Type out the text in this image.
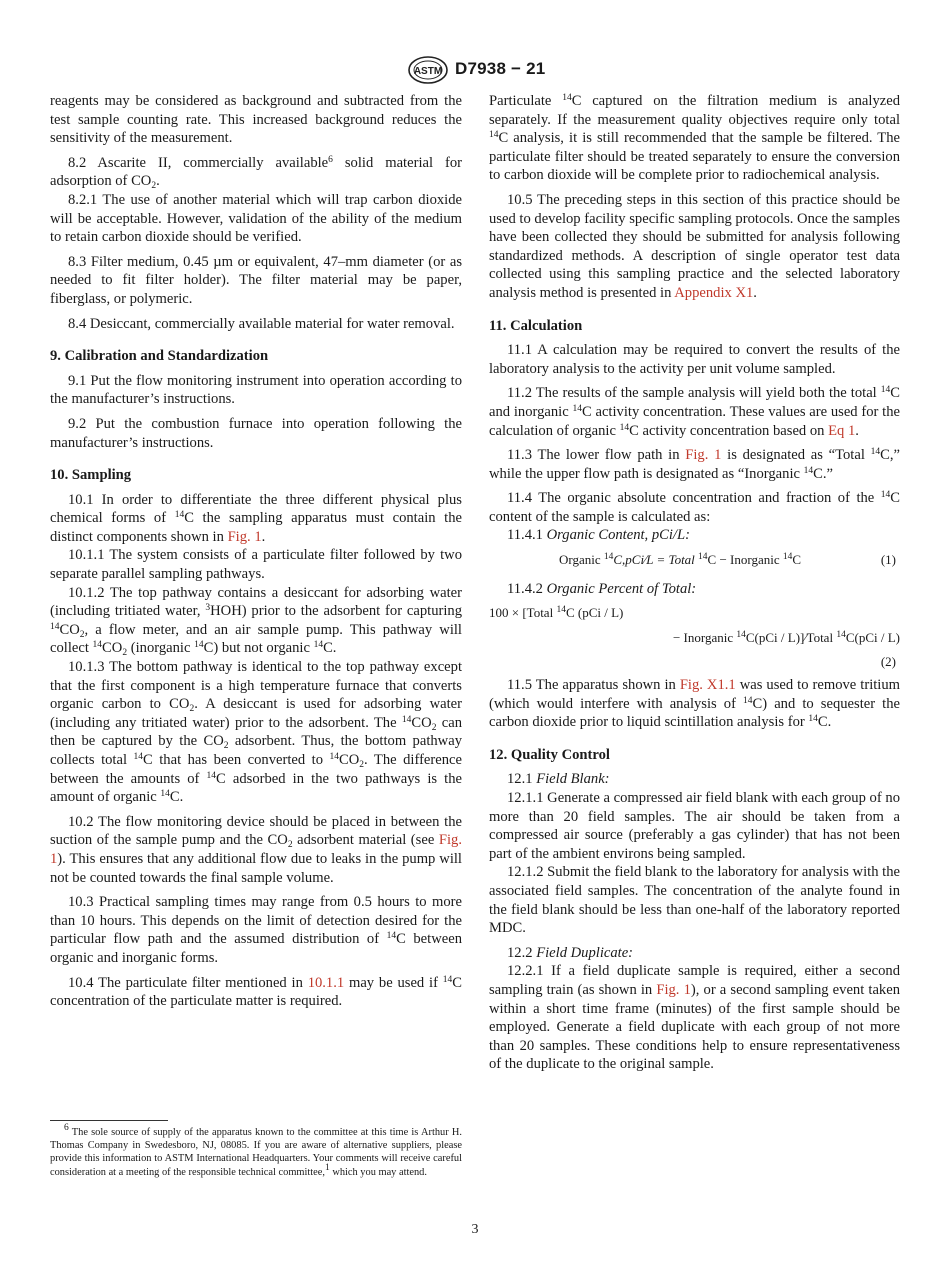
ASTM D7938 − 21

reagents may be considered as background and subtracted from the test sample counting rate. This increased background reduces the sensitivity of the measurement.

8.2 Ascarite II, commercially available$^6$ solid material for adsorption of $CO_2$.

8.2.1 The use of another material which will trap carbon dioxide will be acceptable. However, validation of the ability of the medium to retain carbon dioxide should be verified.

8.3 Filter medium, 0.45 µm or equivalent, 47–mm diameter (or as needed to fit filter holder). The filter material may be paper, fiberglass, or polymeric.

8.4 Desiccant, commercially available material for water removal.

9. Calibration and Standardization

9.1 Put the flow monitoring instrument into operation according to the manufacturer’s instructions.

9.2 Put the combustion furnace into operation following the manufacturer’s instructions.

10. Sampling

10.1 In order to differentiate the three different physical plus chemical forms of $^{14}$C the sampling apparatus must contain the distinct components shown in Fig. 1.

10.1.1 The system consists of a particulate filter followed by two separate parallel sampling pathways.

10.1.2 The top pathway contains a desiccant for adsorbing water (including tritiated water, $^3$HOH) prior to the adsorbent for capturing $^{14}CO_2$, a flow meter, and an air sample pump. This pathway will collect $^{14}CO_2$ (inorganic $^{14}$C) but not organic $^{14}$C.

10.1.3 The bottom pathway is identical to the top pathway except that the first component is a high temperature furnace that converts organic carbon to $CO_2$. A desiccant is used for adsorbing water (including any tritiated water) prior to the adsorbent. The $^{14}CO_2$ can then be captured by the $CO_2$ adsorbent. Thus, the bottom pathway collects total $^{14}$C that has been converted to $^{14}CO_2$. The difference between the amounts of $^{14}$C adsorbed in the two pathways is the amount of organic $^{14}$C.

10.2 The flow monitoring device should be placed in between the suction of the sample pump and the $CO_2$ adsorbent material (see Fig. 1). This ensures that any additional flow due to leaks in the pump will not be counted towards the final sample volume.

10.3 Practical sampling times may range from 0.5 hours to more than 10 hours. This depends on the limit of detection desired for the particular flow path and the assumed distribution of $^{14}$C between organic and inorganic forms.

10.4 The particulate filter mentioned in 10.1.1 may be used if $^{14}$C concentration of the particulate matter is required.

$^6$ The sole source of supply of the apparatus known to the committee at this time is Arthur H. Thomas Company in Swedesboro, NJ, 08085. If you are aware of alternative suppliers, please provide this information to ASTM International Headquarters. Your comments will receive careful consideration at a meeting of the responsible technical committee,$^1$ which you may attend.

Particulate $^{14}$C captured on the filtration medium is analyzed separately. If the measurement quality objectives require only total $^{14}$C analysis, it is still recommended that the sample be filtered. The particulate filter should be treated separately to ensure the conversion to carbon dioxide will be complete prior to radiochemical analysis.

10.5 The preceding steps in this section of this practice should be used to develop facility specific sampling protocols. Once the samples have been collected they should be submitted for analysis following standardized methods. A description of single operator test data collected using this sampling practice and the selected laboratory analysis method is presented in Appendix X1.

11. Calculation

11.1 A calculation may be required to convert the results of the laboratory analysis to the activity per unit volume sampled.

11.2 The results of the sample analysis will yield both the total $^{14}$C and inorganic $^{14}$C activity concentration. These values are used for the calculation of organic $^{14}$C activity concentration based on Eq 1.

11.3 The lower flow path in Fig. 1 is designated as “Total $^{14}$C,” while the upper flow path is designated as “Inorganic $^{14}$C.”

11.4 The organic absolute concentration and fraction of the $^{14}$C content of the sample is calculated as:

11.4.1 Organic Content, pCi/L:

Organic $^{14}$C,pCi⁄L = Total $^{14}$C − Inorganic $^{14}$C	(1)

11.4.2 Organic Percent of Total:

100 × [Total $^{14}$C (pCi / L)
− Inorganic $^{14}$C(pCi / L)]⁄Total $^{14}$C(pCi / L)
(2)

11.5 The apparatus shown in Fig. X1.1 was used to remove tritium (which would interfere with analysis of $^{14}$C) and to sequester the carbon dioxide prior to liquid scintillation analysis for $^{14}$C.

12. Quality Control

12.1 Field Blank:

12.1.1 Generate a compressed air field blank with each group of no more than 20 field samples. The air should be taken from a compressed air source (preferably a gas cylinder) that has not been part of the ambient environs being sampled.

12.1.2 Submit the field blank to the laboratory for analysis with the associated field samples. The concentration of the analyte found in the field blank should be less than one-half of the laboratory reported MDC.

12.2 Field Duplicate:

12.2.1 If a field duplicate sample is required, either a second sampling train (as shown in Fig. 1), or a second sampling event taken within a short time frame (minutes) of the first sample should be employed. Generate a field duplicate with each group of not more than 20 samples. These conditions help to ensure representativeness of the duplicate to the original sample.

3
